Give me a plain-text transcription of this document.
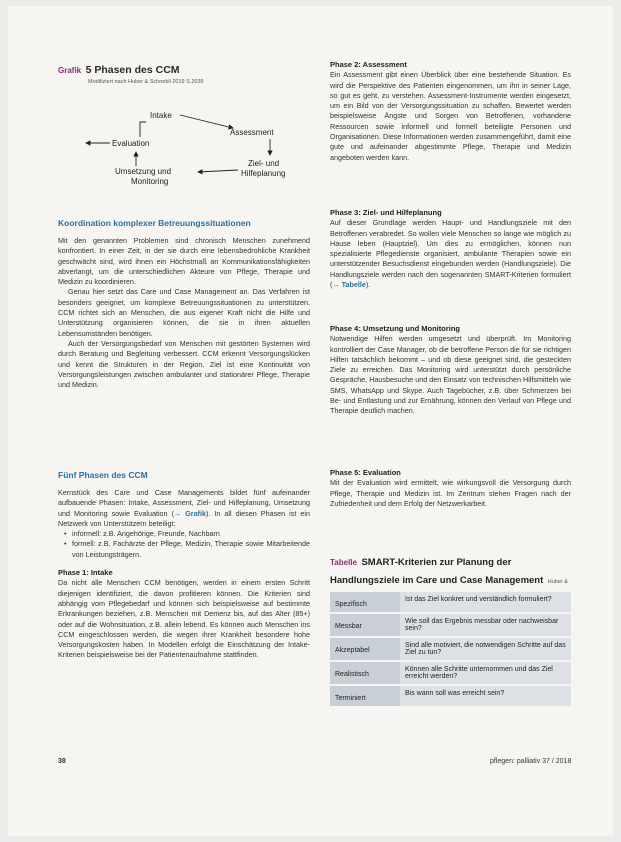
Grafik 5 Phasen des CCM
Modifiziert nach Huber & Schnebli 2019 S.2035
Intake
Assessment
Evaluation
Ziel- und
Hilfeplanung
Umsetzung und
Monitoring
Koordination komplexer Betreuungssituationen

Mit den genannten Problemen sind chronisch Menschen zunehmend konfrontiert. In einer Zeit, in der sie durch eine lebensbedrohliche Krankheit geschwächt sind, wird ihnen ein Höchstmaß an Kommunikationsfähigkeiten abverlangt, um die unterschiedlichen Akteure von Pflege, Therapie und Medizin zu koordinieren.

Genau hier setzt das Care und Case Management an. Das Verfahren ist besonders geeignet, um komplexe Betreuungssituationen zu unterstützen. CCM richtet sich an Menschen, die aus eigener Kraft nicht die Hilfe und Unterstützung organisieren können, die sie in ihren aktuellen Lebensumständen benötigen.

Auch der Versorgungsbedarf von Menschen mit gestörten Systemen wird durch Beratung und Begleitung verbessert. CCM erkennt Versorgungslücken und kennt die Strukturen in der Region. Ziel ist eine Kontinuität von Versorgungsleistungen zwischen ambulanter und stationärer Pflege, Therapie und Medizin.

Fünf Phasen des CCM

Kernstück des Care und Case Managements bildet fünf aufeinander aufbauende Phasen: Intake, Assessment, Ziel- und Hilfeplanung, Umsetzung und Monitoring sowie Evaluation (→ Grafik). In all diesen Phasen ist ein Netzwerk von Unterstützern beteiligt:

• informell: z.B. Angehörige, Freunde, Nachbarn
• formell: z.B. Fachärzte der Pflege, Medizin, Therapie sowie Mitarbeitende von Leistungsträgern.
Phase 1: Intake

Da nicht alle Menschen CCM benötigen, werden in einem ersten Schritt diejenigen identifiziert, die davon profitieren können. Die Kriterien sind abhängig vom Pflegebedarf und können sich beispielsweise auf bestimmte Erkrankungen beziehen, z.B. Menschen mit Demenz bis, auf das Alter (85+) oder auf die Wohnsituation, z.B. allein lebend. Es können auch Menschen ins CCM eingeschlossen werden, die wegen ihrer Krankheit besondere hohe Versorgungskosten haben. In Modellen erfolgt die Einschätzung der Intake-Kriterien beispielsweise bei der Patientenaufnahme stattfinden.

Phase 2: Assessment

Ein Assessment gibt einen Überblick über eine bestehende Situation. Es wird die Perspektive des Patienten eingenommen, um ihn in seiner Lage, so gut es geht, zu verstehen. Assessment-Instrumente werden eingesetzt, um ein Bild von der Versorgungssituation zu schaffen. Bewertet werden beispielsweise Ängste und Sorgen von Betroffenen, vorhandene Ressourcen sowie informell und formell beteiligte Personen und Organisationen. Diese Informationen werden zusammengeführt, damit eine gute und aufeinander abgestimmte Pflege, Therapie und Medizin angeboten werden kann.

Phase 3: Ziel- und Hilfeplanung

Auf dieser Grundlage werden Haupt- und Handlungsziele mit den Betroffenen verabredet. So wollen viele Menschen so lange wie möglich zu Hause leben (Hauptziel). Um dies zu ermöglichen, können nun spezialisierte Pflegedienste organisiert, ambulante Therapien sowie ein unterstützender Besuchsdienst eingebunden werden (Handlungsziele). Die Handlungsziele werden nach den sogenannten SMART-Kriterien formuliert (→ Tabelle).

Phase 4: Umsetzung und Monitoring

Notwendige Hilfen werden umgesetzt und überprüft. Im Monitoring kontrolliert der Case Manager, ob die betroffene Person die für sie richtigen Hilfen tatsächlich bekommt – und ob diese geeignet sind, die gesteckten Ziele zu erreichen. Das Monitoring wird unterstützt durch persönliche Gespräche, Hausbesuche und den Einsatz von technischen Hilfsmitteln wie SMS, WhatsApp und Skype. Auch Tagebücher, z.B. über Schmerzen bei Be- und Entlastung und zur Ernährung, können den Verlauf von Pflege und Therapie deutlich machen.

Phase 5: Evaluation

Mit der Evaluation wird ermittelt, wie wirkungsvoll die Versorgung durch Pflege, Therapie und Medizin ist. Im Zentrum stehen Fragen nach der Zufriedenheit und dem Erfolg der Netzwerkarbeit.

Tabelle SMART-Kriterien zur Planung der Handlungsziele im Care und Case Management Huber &
Spezifisch	Ist das Ziel konkret und verständlich formuliert?
Messbar	Wie soll das Ergebnis messbar oder nachweisbar sein?
Akzeptabel	Sind alle motiviert, die notwendigen Schritte auf das Ziel zu tun?
Realistisch	Können alle Schritte unternommen und das Ziel erreicht werden?
Terminiert	Bis wann soll was erreicht sein?
38	pflegen: palliativ 37 / 2018
